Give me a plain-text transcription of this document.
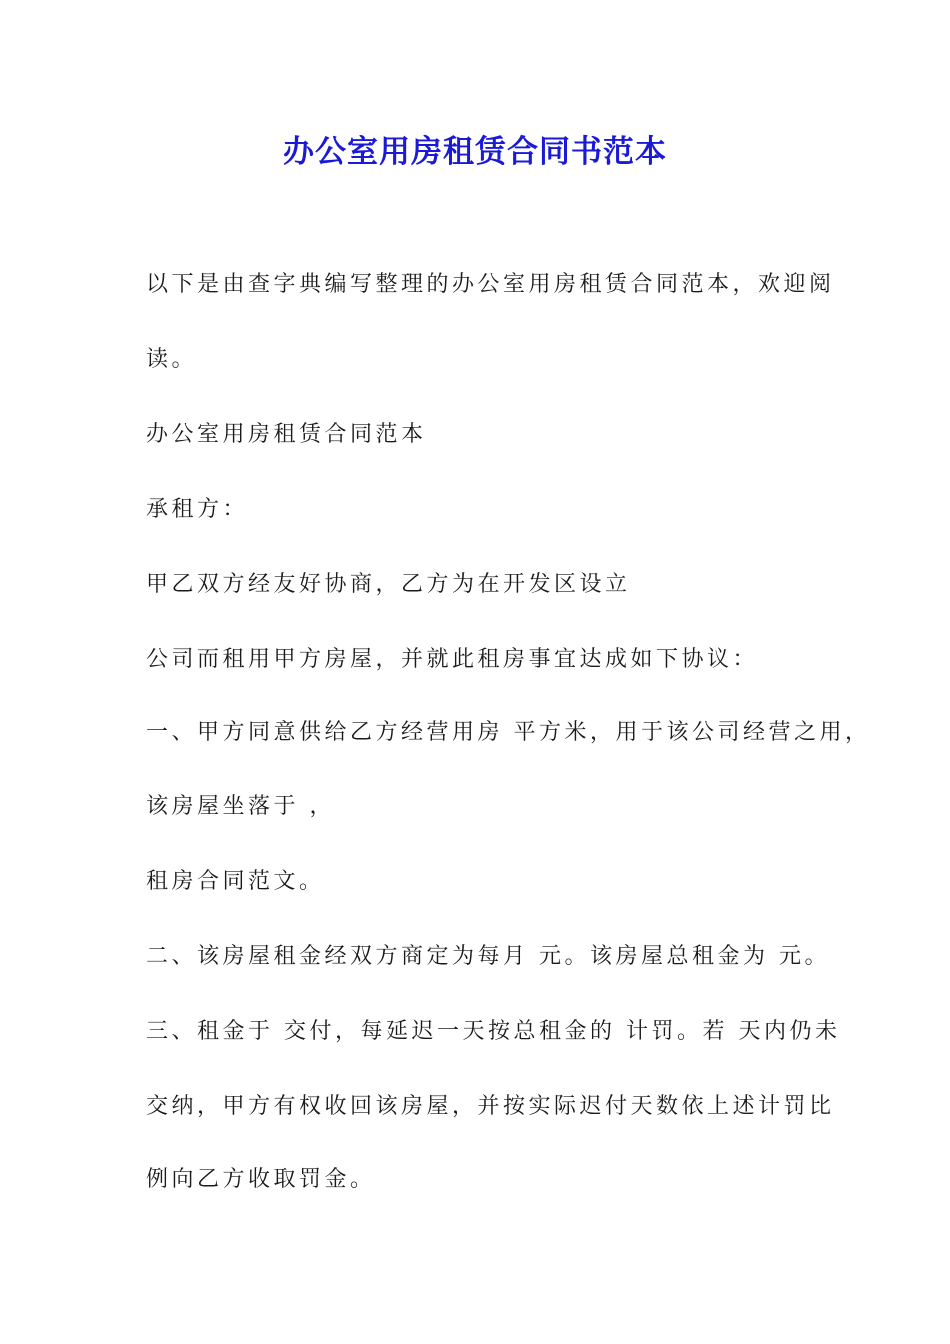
办公室用房租赁合同书范本

以下是由查字典编写整理的办公室用房租赁合同范本，欢迎阅

读。

办公室用房租赁合同范本

承租方：

甲乙双方经友好协商，乙方为在开发区设立

公司而租用甲方房屋，并就此租房事宜达成如下协议：

一、甲方同意供给乙方经营用房 平方米，用于该公司经营之用，

该房屋坐落于 ，

租房合同范文。

二、该房屋租金经双方商定为每月 元。该房屋总租金为 元。

三、租金于 交付，每延迟一天按总租金的 计罚。若 天内仍未

交纳，甲方有权收回该房屋，并按实际迟付天数依上述计罚比

例向乙方收取罚金。
